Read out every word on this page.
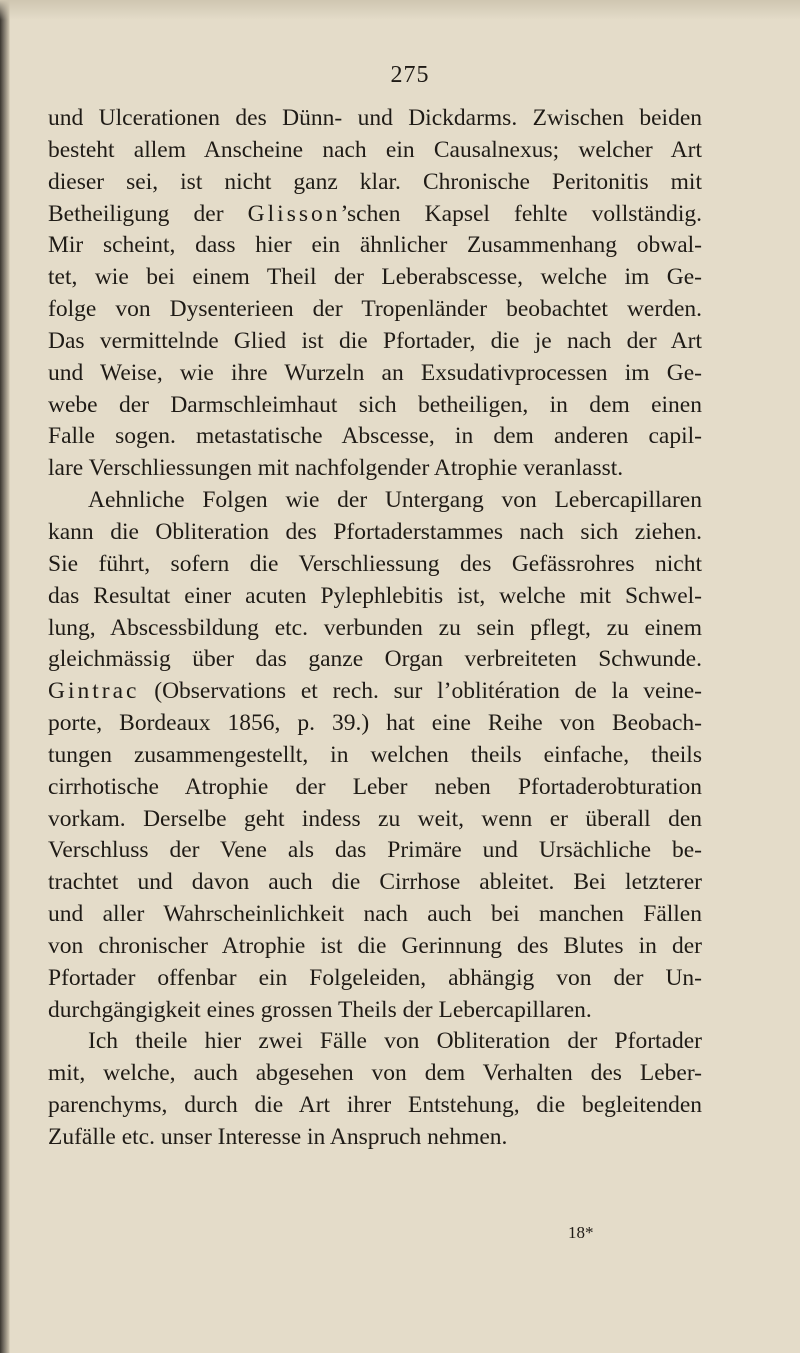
275
und Ulcerationen des Dünn- und Dickdarms. Zwischen beiden
besteht allem Anscheine nach ein Causalnexus; welcher Art
dieser sei, ist nicht ganz klar. Chronische Peritonitis mit
Betheiligung der Glisson’schen Kapsel fehlte vollständig.
Mir scheint, dass hier ein ähnlicher Zusammenhang obwal-
tet, wie bei einem Theil der Leberabscesse, welche im Ge-
folge von Dysenterieen der Tropenländer beobachtet werden.
Das vermittelnde Glied ist die Pfortader, die je nach der Art
und Weise, wie ihre Wurzeln an Exsudativprocessen im Ge-
webe der Darmschleimhaut sich betheiligen, in dem einen
Falle sogen. metastatische Abscesse, in dem anderen capil-
lare Verschliessungen mit nachfolgender Atrophie veranlasst.
Aehnliche Folgen wie der Untergang von Lebercapillaren
kann die Obliteration des Pfortaderstammes nach sich ziehen.
Sie führt, sofern die Verschliessung des Gefässrohres nicht
das Resultat einer acuten Pylephlebitis ist, welche mit Schwel-
lung, Abscessbildung etc. verbunden zu sein pflegt, zu einem
gleichmässig über das ganze Organ verbreiteten Schwunde.
Gintrac (Observations et rech. sur l’oblitération de la veine-
porte, Bordeaux 1856, p. 39.) hat eine Reihe von Beobach-
tungen zusammengestellt, in welchen theils einfache, theils
cirrhotische Atrophie der Leber neben Pfortaderobturation
vorkam. Derselbe geht indess zu weit, wenn er überall den
Verschluss der Vene als das Primäre und Ursächliche be-
trachtet und davon auch die Cirrhose ableitet. Bei letzterer
und aller Wahrscheinlichkeit nach auch bei manchen Fällen
von chronischer Atrophie ist die Gerinnung des Blutes in der
Pfortader offenbar ein Folgeleiden, abhängig von der Un-
durchgängigkeit eines grossen Theils der Lebercapillaren.
Ich theile hier zwei Fälle von Obliteration der Pfortader
mit, welche, auch abgesehen von dem Verhalten des Leber-
parenchyms, durch die Art ihrer Entstehung, die begleitenden
Zufälle etc. unser Interesse in Anspruch nehmen.
18*
